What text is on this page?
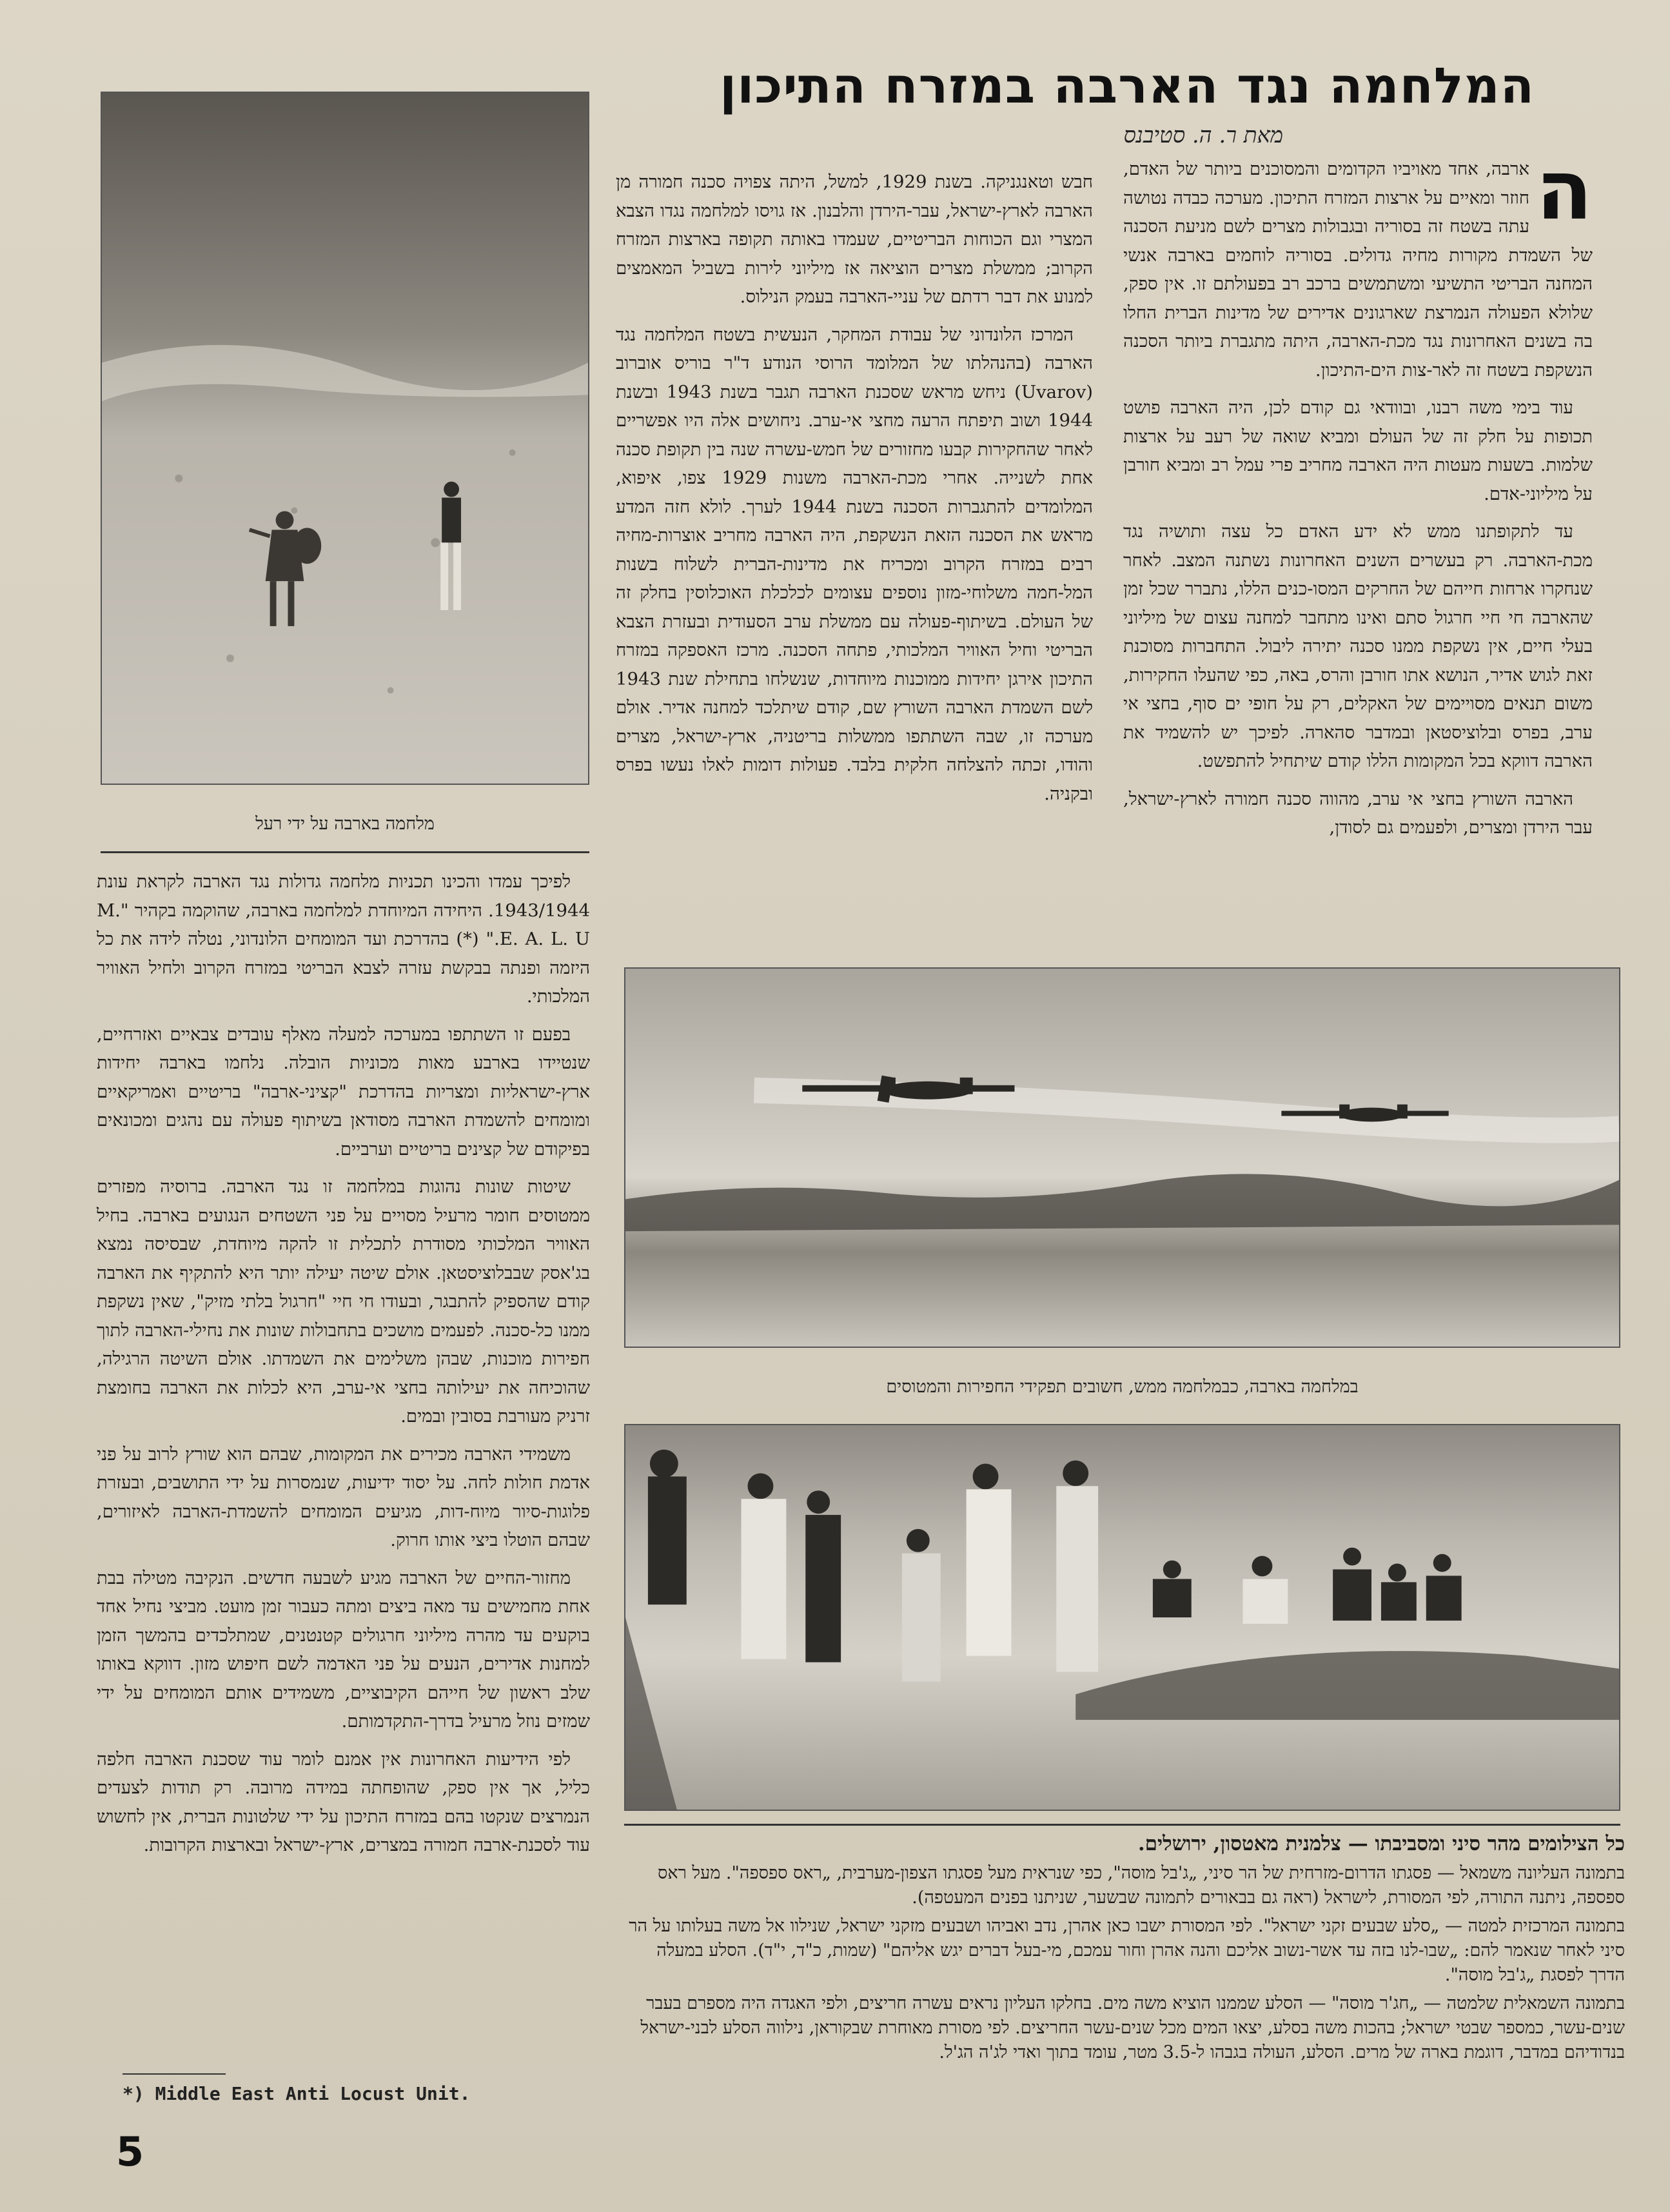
המלחמה נגד הארבה במזרח התיכון
מאת ר. ה. סטיבנס

ה
ארבה, אחד מאויביו הקדומים והמסוכנים ביותר של האדם, חוזר ומאיים על ארצות המזרח התיכון. מערכה כבדה נטושה עתה בשטח זה בסוריה ובגבולות מצרים לשם מניעת הסכנה של השמדת מקורות מחיה גדולים. בסוריה לוחמים בארבה אנשי המחנה הבריטי התשיעי ומשתמשים ברכב רב בפעולתם זו. אין ספק, שלולא הפעולה הנמרצת שארגונים אדירים של מדינות הברית החלו בה בשנים האחרונות נגד מכת-הארבה, היתה מתגברת ביותר הסכנה הנשקפת בשטח זה לאר-צות הים-התיכון.

עוד בימי משה רבנו, ובוודאי גם קודם לכן, היה הארבה פושט תכופות על חלק זה של העולם ומביא שואה של רעב על ארצות שלמות. בשעות מעטות היה הארבה מחריב פרי עמל רב ומביא חורבן על מיליוני-אדם.

עד לתקופתנו ממש לא ידע האדם כל עצה ותושיה נגד מכת-הארבה. רק בעשרים השנים האחרונות נשתנה המצב. לאחר שנחקרו ארחות חייהם של החרקים המסו-כנים הללו, נתברר שכל זמן שהארבה חי חיי חרגול סתם ואינו מתחבר למחנה עצום של מיליוני בעלי חיים, אין נשקפת ממנו סכנה יתירה ליבול. התחברות מסוכנת זאת לגוש אדיר, הנושא אתו חורבן והרס, באה, כפי שהעלו החקירות, משום תנאים מסויימים של האקלים, רק על חופי ים סוף, בחצי אי ערב, בפרס ובלוציסטאן ובמדבר סהארה. לפיכך יש להשמיד את הארבה דווקא בכל המקומות הללו קודם שיתחיל להתפשט.

הארבה השורץ בחצי אי ערב, מהווה סכנה חמורה לארץ-ישראל, עבר הירדן ומצרים, ולפעמים גם לסודן,

חבש וטאנגניקה. בשנת 1929, למשל, היתה צפויה סכנה חמורה מן הארבה לארץ-ישראל, עבר-הירדן והלבנון. אז גויסו למלחמה נגדו הצבא המצרי וגם הכוחות הבריטיים, שעמדו באותה תקופה בארצות המזרח הקרוב; ממשלת מצרים הוציאה אז מיליוני לירות בשביל המאמצים למנוע את דבר רדתם של עניי-הארבה בעמק הנילוס.

המרכז הלונדוני של עבודת המחקר, הנעשית בשטח המלחמה נגד הארבה (בהנהלתו של המלומד הרוסי הנודע ד"ר בוריס אוברוב (Uvarov) ניחש מראש שסכנת הארבה תגבר בשנת 1943 ובשנת 1944 ושוב תיפתח הרעה מחצי אי-ערב. ניחושים אלה היו אפשריים לאחר שהחקירות קבעו מחזורים של חמש-עשרה שנה בין תקופת סכנה אחת לשנייה. אחרי מכת-הארבה משנות 1929 צפו, איפוא, המלומדים להתגברות הסכנה בשנת 1944 לערך. לולא חזה המדע מראש את הסכנה הזאת הנשקפת, היה הארבה מחריב אוצרות-מחיה רבים במזרח הקרוב ומכריח את מדינות-הברית לשלוח בשנות המל-חמה משלוחי-מזון נוספים עצומים לכלכלת האוכלוסין בחלק זה של העולם. בשיתוף-פעולה עם ממשלת ערב הסעודית ובעזרת הצבא הבריטי וחיל האוויר המלכותי, פתחה הסכנה. מרכז האספקה במזרח התיכון אירגן יחידות ממוכנות מיוחדות, שנשלחו בתחילת שנת 1943 לשם השמדת הארבה השורץ שם, קודם שיתלכד למחנה אדיר. אולם מערכה זו, שבה השתתפו ממשלות בריטניה, ארץ-ישראל, מצרים והודו, זכתה להצלחה חלקית בלבד. פעולות דומות לאלו נעשו בפרס ובקניה.

מלחמה בארבה על ידי רעל

לפיכך עמדו והכינו תכניות מלחמה גדולות נגד הארבה לקראת עונת 1943/1944. היחידה המיוחדת למלחמה בארבה, שהוקמה בקהיר "M. E. A. L. U." (*) בהדרכת ועד המומחים הלונדוני, נטלה לידה את כל היזמה ופנתה בבקשת עזרה לצבא הבריטי במזרח הקרוב ולחיל האוויר המלכותי.

בפעם זו השתתפו במערכה למעלה מאלף עובדים צבאיים ואזרחיים, שנטיידו בארבע מאות מכוניות הובלה. נלחמו בארבה יחידות ארץ-ישראליות ומצריות בהדרכת "קציני-ארבה" בריטיים ואמריקאיים ומומחים להשמדת הארבה מסודאן בשיתוף פעולה עם נהגים ומכונאים בפיקודם של קצינים בריטיים וערביים.

שיטות שונות נהוגות במלחמה זו נגד הארבה. ברוסיה מפזרים ממטוסים חומר מרעיל מסויים על פני השטחים הנגועים בארבה. בחיל האוויר המלכותי מסודרת לתכלית זו להקה מיוחדת, שבסיסה נמצא בג'אסק שבבלוציסטאן. אולם שיטה יעילה יותר היא להתקיף את הארבה קודם שהספיק להתבגר, ובעודו חי חיי "חרגול בלתי מזיק", שאין נשקפת ממנו כל-סכנה. לפעמים מושכים בתחבולות שונות את נחילי-הארבה לתוך חפירות מוכנות, שבהן משלימים את השמדתו. אולם השיטה הרגילה, שהוכיחה את יעילותה בחצי אי-ערב, היא לכלות את הארבה בחומצת זרניק מעורבת בסובין ובמים.

משמידי הארבה מכירים את המקומות, שבהם הוא שורץ לרוב על פני אדמת חולות לחה. על יסוד ידיעות, שנמסרות על ידי התושבים, ובעזרת פלוגות-סיור מיוח-דות, מגיעים המומחים להשמדת-הארבה לאיזורים, שבהם הוטלו ביצי אותו חרוק.

מחזור-החיים של הארבה מגיע לשבעה חדשים. הנקיבה מטילה בבת אחת מחמישים עד מאה ביצים ומתה כעבור זמן מועט. מביצי נחיל אחד בוקעים עד מהרה מיליוני חרגולים קטנטנים, שמתלכדים בהמשך הזמן למחנות אדירים, הנעים על פני האדמה לשם חיפוש מזון. דווקא באותו שלב ראשון של חייהם הקיבוציים, משמידים אותם המומחים על ידי שמזים נוזל מרעיל בדרך-התקדמותם.

לפי הידיעות האחרונות אין אמנם לומר עוד שסכנת הארבה חלפה כליל, אך אין ספק, שהופחתה במידה מרובה. רק תודות לצעדים הנמרצים שנקטו בהם במזרח התיכון על ידי שלטונות הברית, אין לחשוש עוד לסכנת-ארבה חמורה במצרים, ארץ-ישראל ובארצות הקרובות.

במלחמה בארבה, כבמלחמה ממש, חשובים תפקידי החפירות והמטוסים
כל הצילומים מהר סיני ומסביבתו — צלמנית מאטסון, ירושלים.

בתמונה העליונה משמאל — פסגתו הדרום-מזרחית של הר סיני, „ג'בל מוסה", כפי שנראית מעל פסגתו הצפון-מערבית, „ראס ספספה". מעל ראס ספספה, ניתנה התורה, לפי המסורת, לישראל (ראה גם בבאורים לתמונה שבשער, שניתנו בפנים המעטפה).

בתמונה המרכזית למטה — „סלע שבעים זקני ישראל". לפי המסורת ישבו כאן אהרן, נדב ואביהו ושבעים מזקני ישראל, שנילוו אל משה בעלותו על הר סיני לאחר שנאמר להם: „שבו-לנו בזה עד אשר-נשוב אליכם והנה אהרן וחור עמכם, מי-בעל דברים יגש אליהם" (שמות, כ"ד, י"ד). הסלע במעלה הדרך לפסגת „ג'בל מוסה".

בתמונה השמאלית שלמטה — „חג'ר מוסה" — הסלע שממנו הוציא משה מים. בחלקו העליון נראים עשרה חריצים, ולפי האגדה היה מספרם בעבר שנים-עשר, כמספר שבטי ישראל; בהכות משה בסלע, יצאו המים מכל שנים-עשר החריצים. לפי מסורת מאוחרת שבקוראן, נילווה הסלע לבני-ישראל בנדודיהם במדבר, דוגמת בארה של מרים. הסלע, העולה בגבהו ל-3.5 מטר, עומד בתוך ואדי לג'ה הג'ל.

*) Middle East Anti Locust Unit.
5
